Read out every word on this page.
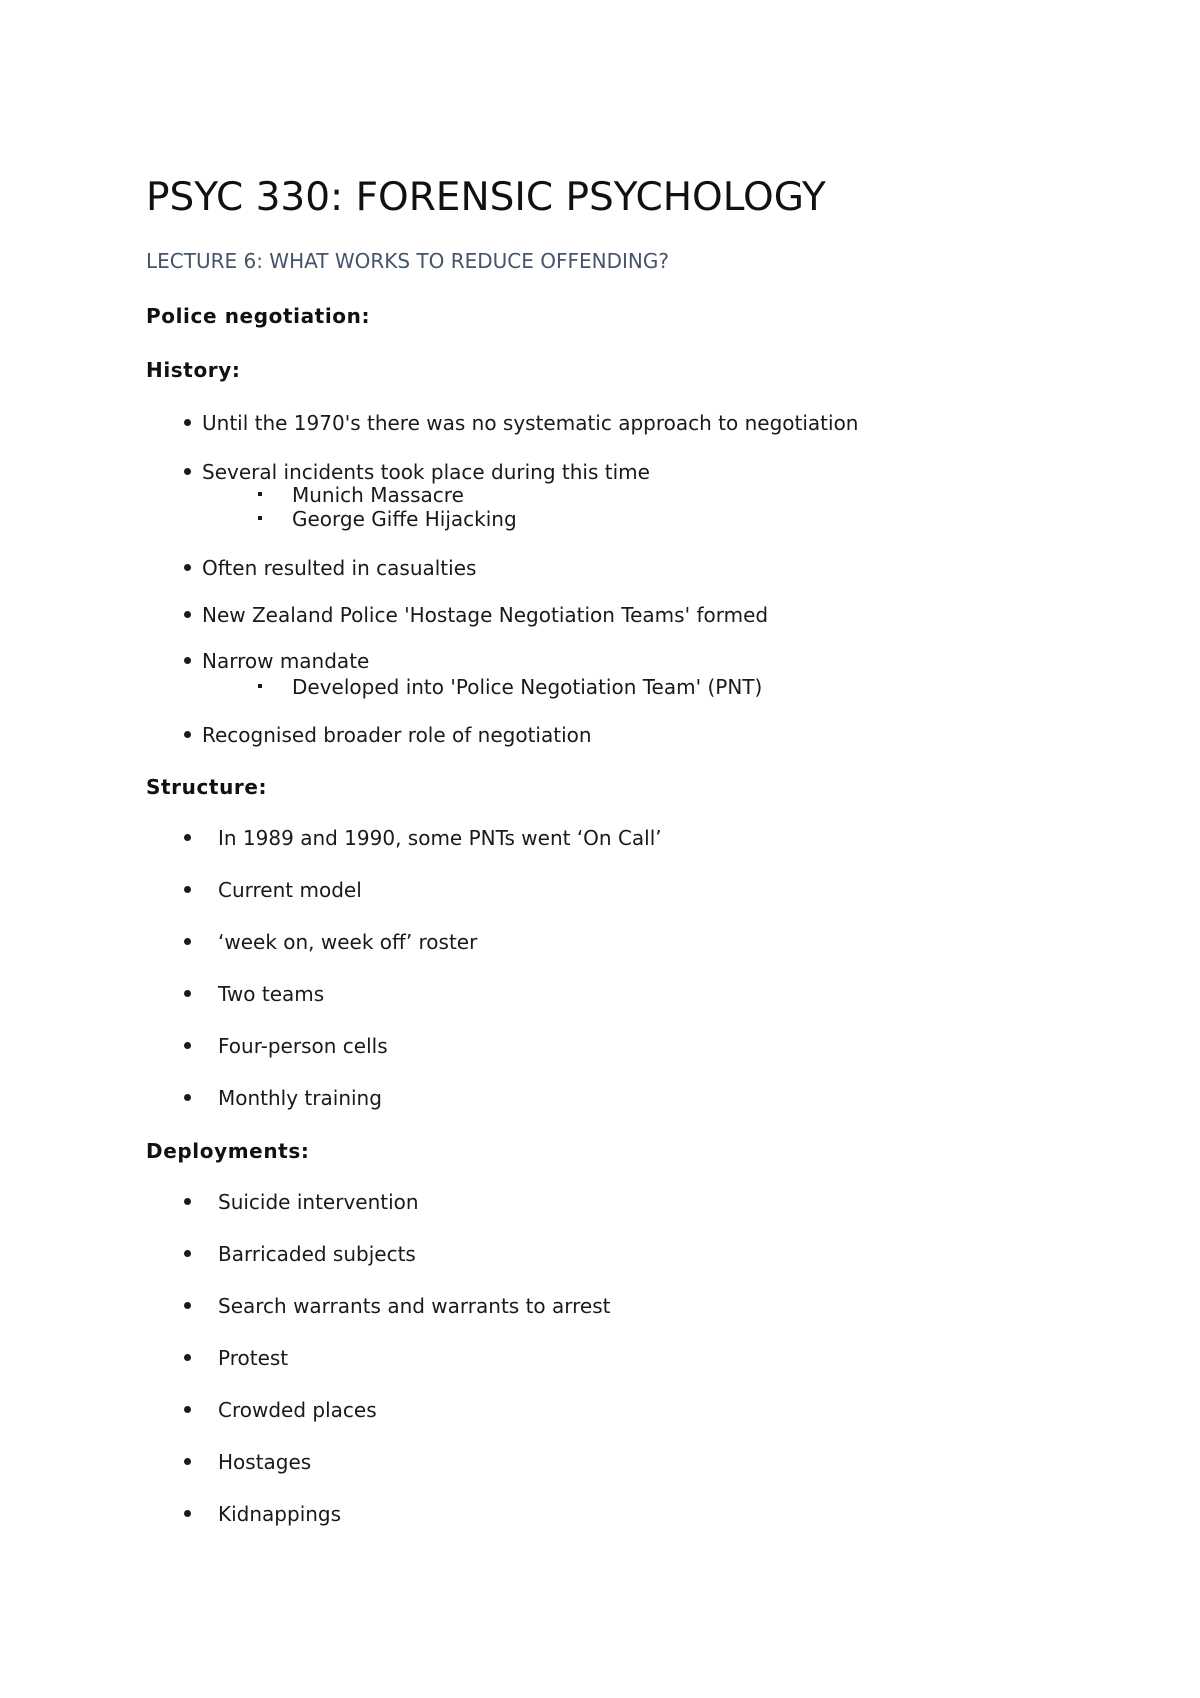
PSYC 330: FORENSIC PSYCHOLOGY
LECTURE 6: WHAT WORKS TO REDUCE OFFENDING?
Police negotiation:
History:
Until the 1970's there was no systematic approach to negotiation
Several incidents took place during this time
Munich Massacre
George Giffe Hijacking
Often resulted in casualties
New Zealand Police 'Hostage Negotiation Teams' formed
Narrow mandate
Developed into 'Police Negotiation Team' (PNT)
Recognised broader role of negotiation
Structure:
In 1989 and 1990, some PNTs went ‘On Call’
Current model
‘week on, week off’ roster
Two teams
Four-person cells
Monthly training
Deployments:
Suicide intervention
Barricaded subjects
Search warrants and warrants to arrest
Protest
Crowded places
Hostages
Kidnappings
